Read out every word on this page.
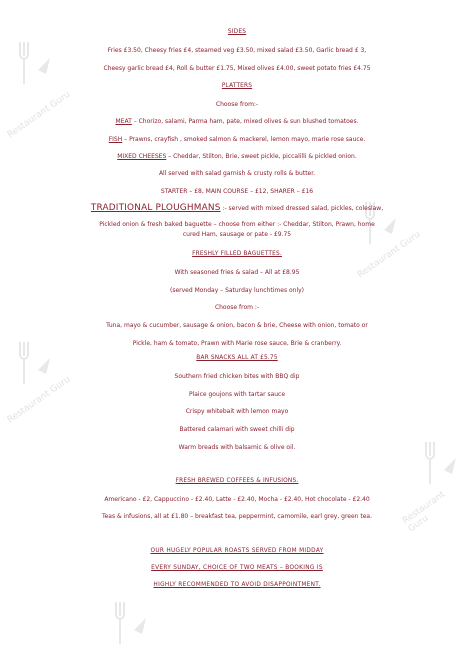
Restaurant Guru
Restaurant Guru
Restaurant Guru
Restaurant Guru
SIDES
Fries £3.50, Cheesy fries £4, steamed veg £3.50, mixed salad £3.50, Garlic bread £ 3,
Cheesy garlic bread £4, Roll & butter £1.75, Mixed olives £4.00, sweet potato fries £4.75
PLATTERS
Choose from:-
MEAT – Chorizo, salami, Parma ham, pate, mixed olives & sun blushed tomatoes.
FISH – Prawns, crayfish , smoked salmon & mackerel, lemon mayo, marie rose sauce.
MIXED CHEESES – Cheddar, Stilton, Brie, sweet pickle, piccalilli & pickled onion.
All served with salad garnish & crusty rolls & butter.
STARTER – £8, MAIN COURSE – £12, SHARER – £16
TRADITIONAL PLOUGHMANS :- served with mixed dressed salad, pickles, coleslaw,
Pickled onion & fresh baked baguette – choose from either :- Cheddar, Stilton, Prawn, home
cured Ham, sausage or pate - £9.75
FRESHLY FILLED BAGUETTES.
With seasoned fries & salad – All at £8.95
(served Monday – Saturday lunchtimes only)
Choose from :-
Tuna, mayo & cucumber, sausage & onion, bacon & brie, Cheese with onion, tomato or
Pickle, ham & tomato, Prawn with Marie rose sauce, Brie & cranberry.
BAR SNACKS ALL AT £5.75
Southern fried chicken bites with BBQ dip
Plaice goujons with tartar sauce
Crispy whitebait with lemon mayo
Battered calamari with sweet chilli dip
Warm breads with balsamic & olive oil.
FRESH BREWED COFFEES & INFUSIONS.
Americano - £2, Cappuccino - £2.40, Latte - £2.40, Mocha - £2.40, Hot chocolate - £2.40
Teas & infusions, all at £1.80 – breakfast tea, peppermint, camomile, earl grey, green tea.
OUR HUGELY POPULAR ROASTS SERVED FROM MIDDAY
EVERY SUNDAY, CHOICE OF TWO MEATS – BOOKING IS
HIGHLY RECOMMENDED TO AVOID DISAPPOINTMENT.
